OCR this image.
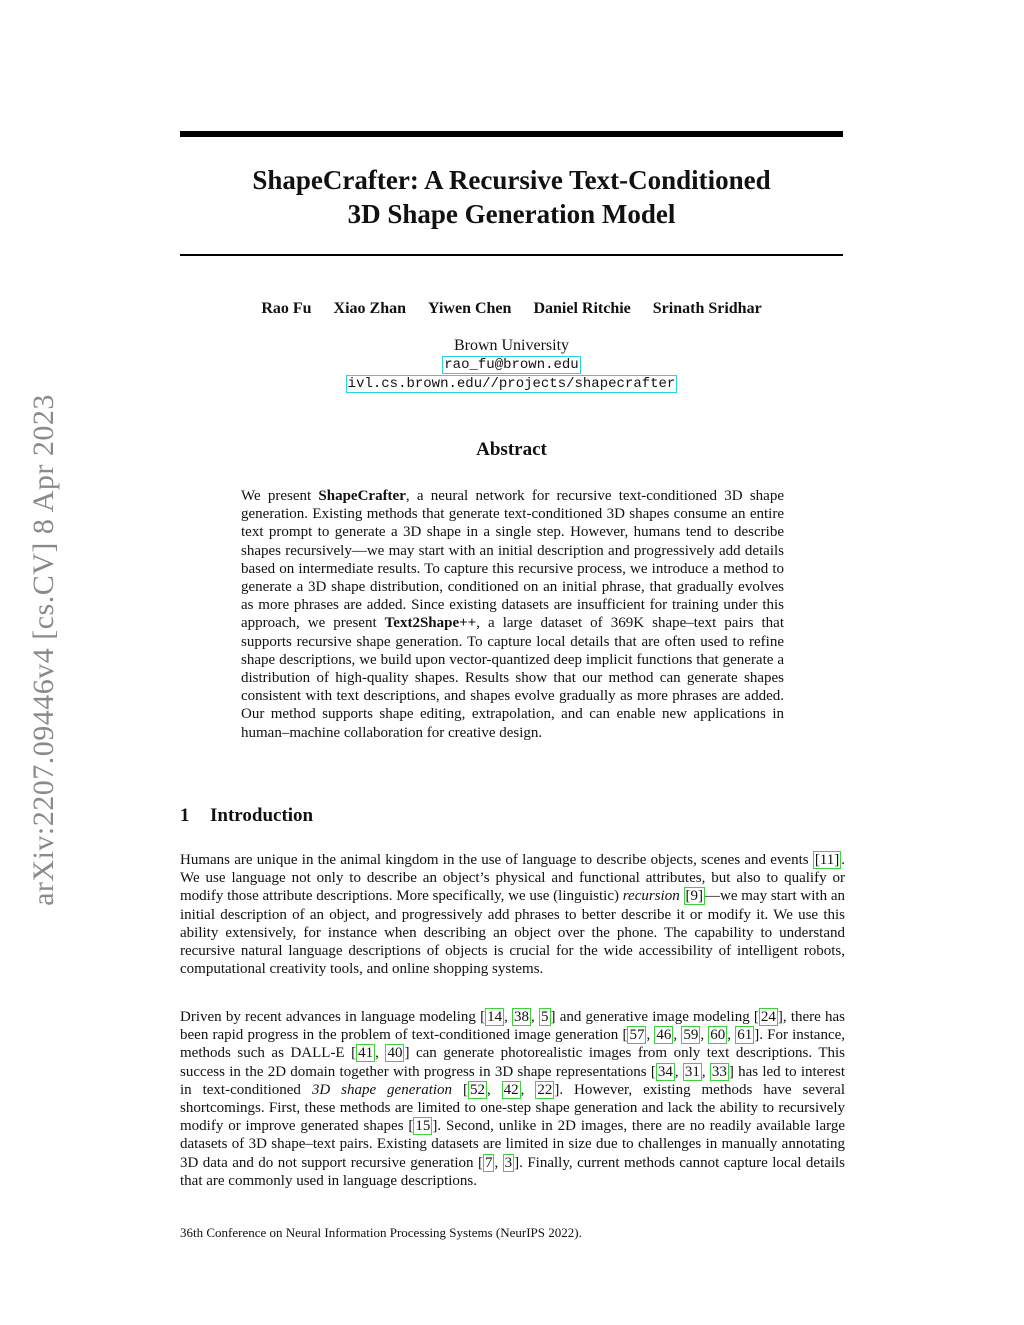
arXiv:2207.09446v4 [cs.CV] 8 Apr 2023
ShapeCrafter: A Recursive Text-Conditioned
3D Shape Generation Model
Rao Fu Xiao Zhan Yiwen Chen Daniel Ritchie Srinath Sridhar
Brown University
rao_fu@brown.edu
ivl.cs.brown.edu//projects/shapecrafter
Abstract
We present ShapeCrafter, a neural network for recursive text-conditioned 3D shape generation. Existing methods that generate text-conditioned 3D shapes consume an entire text prompt to generate a 3D shape in a single step. However, humans tend to describe shapes recursively—we may start with an initial description and progressively add details based on intermediate results. To capture this recursive process, we introduce a method to generate a 3D shape distribution, conditioned on an initial phrase, that gradually evolves as more phrases are added. Since existing datasets are insufficient for training under this approach, we present Text2Shape++, a large dataset of 369K shape–text pairs that supports recursive shape generation. To capture local details that are often used to refine shape descriptions, we build upon vector-quantized deep implicit functions that generate a distribution of high-quality shapes. Results show that our method can generate shapes consistent with text descriptions, and shapes evolve gradually as more phrases are added. Our method supports shape editing, extrapolation, and can enable new applications in human–machine collaboration for creative design.
1 Introduction
Humans are unique in the animal kingdom in the use of language to describe objects, scenes and events [11] . We use language not only to describe an object’s physical and functional attributes, but also to qualify or modify those attribute descriptions. More specifically, we use (linguistic) recursion [9] —we may start with an initial description of an object, and progressively add phrases to better describe it or modify it. We use this ability extensively, for instance when describing an object over the phone. The capability to understand recursive natural language descriptions of objects is crucial for the wide accessibility of intelligent robots, computational creativity tools, and online shopping systems.
Driven by recent advances in language modeling [ 14 , 38 , 5 ] and generative image modeling [ 24 ], there has been rapid progress in the problem of text-conditioned image generation [ 57 , 46 , 59 , 60 , 61 ]. For instance, methods such as DALL-E [ 41 , 40 ] can generate photorealistic images from only text descriptions. This success in the 2D domain together with progress in 3D shape representations [ 34 , 31 , 33 ] has led to interest in text-conditioned 3D shape generation [ 52 , 42 , 22 ]. However, existing methods have several shortcomings. First, these methods are limited to one-step shape generation and lack the ability to recursively modify or improve generated shapes [ 15 ]. Second, unlike in 2D images, there are no readily available large datasets of 3D shape–text pairs. Existing datasets are limited in size due to challenges in manually annotating 3D data and do not support recursive generation [ 7 , 3 ]. Finally, current methods cannot capture local details that are commonly used in language descriptions.
36th Conference on Neural Information Processing Systems (NeurIPS 2022).
